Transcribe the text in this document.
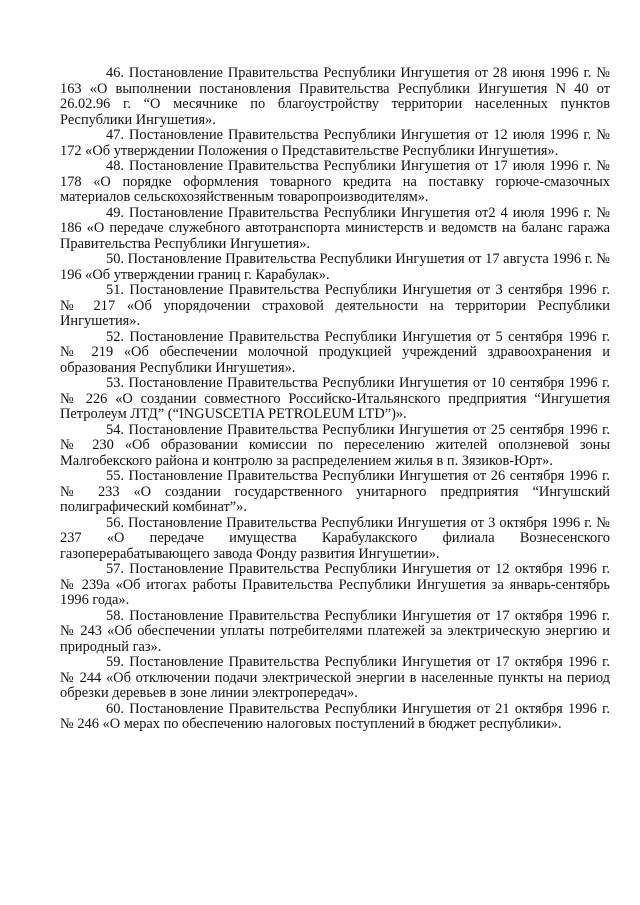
46. Постановление Правительства Республики Ингушетия от 28 июня 1996 г. № 163 «О выполнении постановления Правительства Республики Ингушетия N 40 от 26.02.96 г. “О месячнике по благоустройству территории населенных пунктов Республики Ингушетия».

47. Постановление Правительства Республики Ингушетия от 12 июля 1996 г. № 172 «Об утверждении Положения о Представительстве Республики Ингушетия».

48. Постановление Правительства Республики Ингушетия от 17 июля 1996 г. № 178 «О порядке оформления товарного кредита на поставку горюче-смазочных материалов сельскохозяйственным товаропроизводителям».

49. Постановление Правительства Республики Ингушетия от2 4 июля 1996 г. № 186 «О передаче служебного автотранспорта министерств и ведомств на баланс гаража Правительства Республики Ингушетия».

50. Постановление Правительства Республики Ингушетия от 17 августа 1996 г. № 196 «Об утверждении границ г. Карабулак».

51. Постановление Правительства Республики Ингушетия от 3 сентября 1996 г. № 217 «Об упорядочении страховой деятельности на территории Республики Ингушетия».

52. Постановление Правительства Республики Ингушетия от 5 сентября 1996 г. № 219 «Об обеспечении молочной продукцией учреждений здравоохранения и образования Республики Ингушетия».

53. Постановление Правительства Республики Ингушетия от 10 сентября 1996 г. № 226 «О создании совместного Российско-Итальянского предприятия “Ингушетия Петролеум ЛТД” (“INGUSCETIA PETROLEUM LTD”)».

54. Постановление Правительства Республики Ингушетия от 25 сентября 1996 г. № 230 «Об образовании комиссии по переселению жителей оползневой зоны Малгобекского района и контролю за распределением жилья в п. Зязиков-Юрт».

55. Постановление Правительства Республики Ингушетия от 26 сентября 1996 г. № 233 «О создании государственного унитарного предприятия “Ингушский полиграфический комбинат”».

56. Постановление Правительства Республики Ингушетия от 3 октября 1996 г. № 237 «О передаче имущества Карабулакского филиала Вознесенского газоперерабатывающего завода Фонду развития Ингушетии».

57. Постановление Правительства Республики Ингушетия от 12 октября 1996 г. № 239а «Об итогах работы Правительства Республики Ингушетия за январь-сентябрь 1996 года».

58. Постановление Правительства Республики Ингушетия от 17 октября 1996 г. № 243 «Об обеспечении уплаты потребителями платежей за электрическую энергию и природный газ».

59. Постановление Правительства Республики Ингушетия от 17 октября 1996 г. № 244 «Об отключении подачи электрической энергии в населенные пункты на период обрезки деревьев в зоне линии электропередач».

60. Постановление Правительства Республики Ингушетия от 21 октября 1996 г. № 246 «О мерах по обеспечению налоговых поступлений в бюджет республики».
